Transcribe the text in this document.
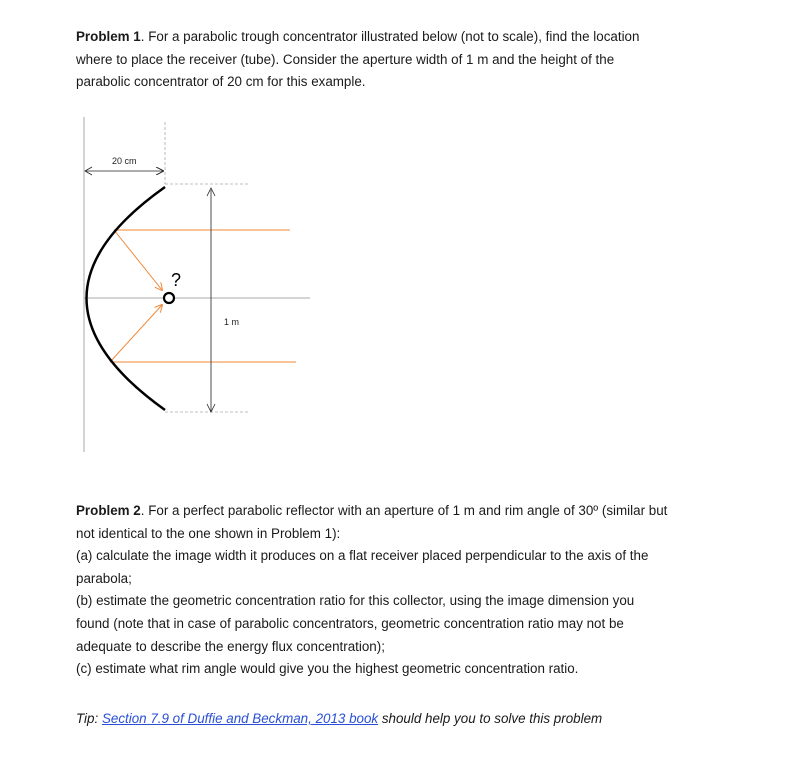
Problem 1. For a parabolic trough concentrator illustrated below (not to scale), find the location
where to place the receiver (tube). Consider the aperture width of 1 m and the height of the
parabolic concentrator of 20 cm for this example.

20 cm
1 m
?

Problem 2. For a perfect parabolic reflector with an aperture of 1 m and rim angle of 30º (similar but
not identical to the one shown in Problem 1):
(a) calculate the image width it produces on a flat receiver placed perpendicular to the axis of the
parabola;
(b) estimate the geometric concentration ratio for this collector, using the image dimension you
found (note that in case of parabolic concentrators, geometric concentration ratio may not be
adequate to describe the energy flux concentration);
(c) estimate what rim angle would give you the highest geometric concentration ratio.

Tip: Section 7.9 of Duffie and Beckman, 2013 book should help you to solve this problem
